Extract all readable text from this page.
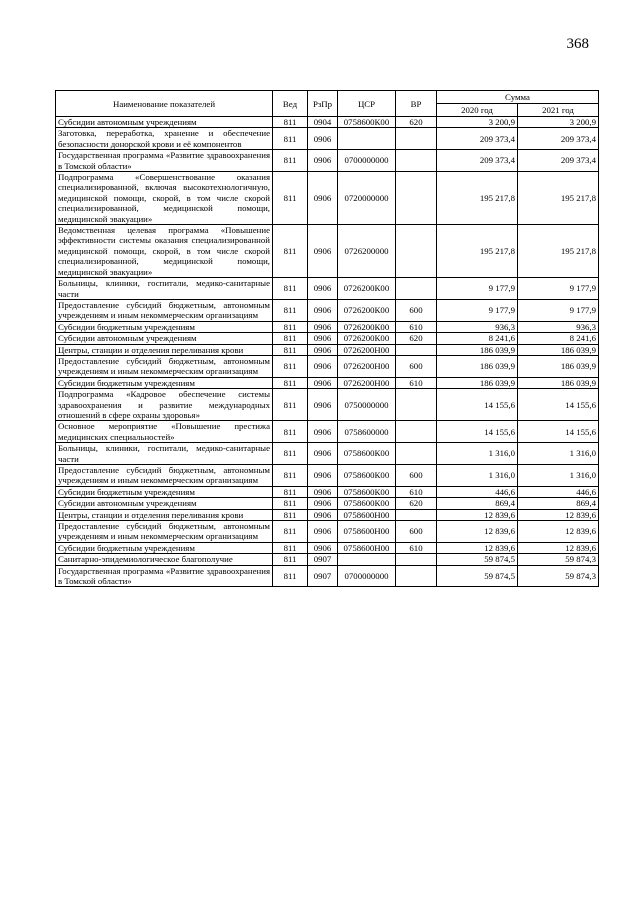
368
Наименование показателей	Вед	РзПр	ЦСР	ВР	Сумма	
					2020 год	2021 год
Субсидии автономным учреждениям	811	0904	0758600К00	620	3 200,9	3 200,9
Заготовка, переработка, хранение и обеспечение безопасности донорской крови и её компонентов	811	0906			209 373,4	209 373,4
Государственная программа «Развитие здравоохранения в Томской области»	811	0906	0700000000		209 373,4	209 373,4
Подпрограмма «Совершенствование оказания специализированной, включая высокотехнологичную, медицинской помощи, скорой, в том числе скорой специализированной, медицинской помощи, медицинской эвакуации»	811	0906	0720000000		195 217,8	195 217,8
Ведомственная целевая программа «Повышение эффективности системы оказания специализированной медицинской помощи, скорой, в том числе скорой специализированной, медицинской помощи, медицинской эвакуации»	811	0906	0726200000		195 217,8	195 217,8
Больницы, клиники, госпитали, медико-санитарные части	811	0906	0726200К00		9 177,9	9 177,9
Предоставление субсидий бюджетным, автономным учреждениям и иным некоммерческим организациям	811	0906	0726200К00	600	9 177,9	9 177,9
Субсидии бюджетным учреждениям	811	0906	0726200К00	610	936,3	936,3
Субсидии автономным учреждениям	811	0906	0726200К00	620	8 241,6	8 241,6
Центры, станции и отделения переливания крови	811	0906	0726200Н00		186 039,9	186 039,9
Предоставление субсидий бюджетным, автономным учреждениям и иным некоммерческим организациям	811	0906	0726200Н00	600	186 039,9	186 039,9
Субсидии бюджетным учреждениям	811	0906	0726200Н00	610	186 039,9	186 039,9
Подпрограмма «Кадровое обеспечение системы здравоохранения и развитие международных отношений в сфере охраны здоровья»	811	0906	0750000000		14 155,6	14 155,6
Основное мероприятие «Повышение престижа медицинских специальностей»	811	0906	0758600000		14 155,6	14 155,6
Больницы, клиники, госпитали, медико-санитарные части	811	0906	0758600К00		1 316,0	1 316,0
Предоставление субсидий бюджетным, автономным учреждениям и иным некоммерческим организациям	811	0906	0758600К00	600	1 316,0	1 316,0
Субсидии бюджетным учреждениям	811	0906	0758600К00	610	446,6	446,6
Субсидии автономным учреждениям	811	0906	0758600К00	620	869,4	869,4
Центры, станции и отделения переливания крови	811	0906	0758600Н00		12 839,6	12 839,6
Предоставление субсидий бюджетным, автономным учреждениям и иным некоммерческим организациям	811	0906	0758600Н00	600	12 839,6	12 839,6
Субсидии бюджетным учреждениям	811	0906	0758600Н00	610	12 839,6	12 839,6
Санитарно-эпидемиологическое благополучие	811	0907			59 874,5	59 874,3
Государственная программа «Развитие здравоохранения в Томской области»	811	0907	0700000000		59 874,5	59 874,3
